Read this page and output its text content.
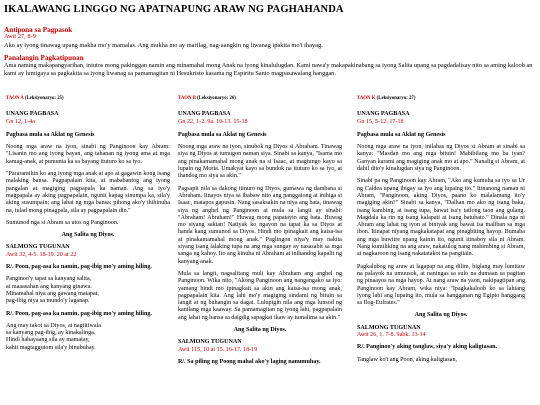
IKALAWANG LINGGO NG APATNAPUNG ARAW NG PAGHAHANDA
Antipona sa Pagpasok
Awit 27, 8-9
Ako ay iyong tinawag upang makha mo'y mamalas. Ang mukha mo ay marilag, nag-aangkin ng liwanag ipakita mo't ihayag.
Panalangin Pagkatipunan
Ama naming makapangyarihan, iniutos mong pakinggan namin ang minamahal mong Anak na iyong kinalulugdan. Kami nawa'y makapakinabang sa iyong Salita upang sa pagdadalisay nito sa aming kaloob an kami ay lumigaya sa pagkakita sa iyong liwanag sa pamamagitan ni Hesukristo kasama ng Espiritu Santo magpasawalang hanggan.
TAON A (Leksiyonaryo: 25)
UNANG PAGBASA
Gn 12, 1-4a
Pagbasa mula sa Aklat ng Genesis
Noong mga araw na iyon, sinabi ng Panginoon kay Abram: "Lisanin mo ang iyong bayan, ang tahanan ng iyong ama at mga kamag-anak, at pumunta ka sa bayang ituturo ko sa iyo.
"Pararamihin ko ang iyong mga anak at apo at gagawin kong isang malaking bansa. Pagpapalain kita, at mababantog ang iyong pangalan at magiging pagpapala ka naman. Ang sa iyo'y magpapala ay aking pagpapalain, ngunit kapag sinumpa ka, sila'y aking susumpain; ang lahat ng mga bansa: pihong ako'y ihihinuha na, tulad mong pinagpala, sila ay pagpapalain din."
Sumunod nga si Abram sa utos ng Panginoon.
Ang Salita ng Diyos.
SALMONG TUGUNAN
Awit 32, 4-5. 18-19. 20 at 22
R/. Poon, pag-asa ka namin, pag-ibig mo'y aming hiling.
Panginoo'y tapat sa kanyang salita,
at maaasahan ang kanyang ginawa.
Minamahal niya ang gawang matapat,
pag-ibig niya sa mundo'y laganap.
R/. Poon, pag-asa ka namin, pag-ibig mo'y aming hiling.
Ang may takot sa Diyos, at nagtitiwala
sa kanyang pag-ibig, ay kinakalinga.
Hindi hahayaang sila ay mamatay,
kahit magtaggutom sila'y binubuhay.
TAON B (Leksiyonaryo: 26)
UNANG PAGBASA
Gn 22, 1-2. 9a. 10-13. 15-18
Pagbasa mula sa Aklat ng Genesis
Noong mga araw na iyon, sinubok ng Diyos si Abraham. Tinawag siya ng Diyos at tumugon naman siya. Sinabi sa kanya, "Isama mo ang pinakamamahal mong anak na si Isaac, at magtungo kayo sa lupain ng Moria. Umakyat kayo sa bundok na ituturo ko sa iyo, at ihandog mo siya sa akin."
Pagsapit nila sa dakong itinuro ng Diyos, gumawa ng dambana si Abraham. Iinayos niya sa ibabaw nito ang panggatong at inihiga si Isaac, matapos gapusin. Nang sasaksakin na niya ang bata, tinawag siya ng anghel ng Panginoon at mula sa langit ay sinabi: "Abraham! Abraham!" Huwag mong papatayin ang bata. Huwag mo siyang saktan! Natiyak ko ngayon na tapat ka sa Diyos at handa kang sumunod sa Diyos. Hindi mo ipinagkait ang kaisa-isa at pinakamamahal mong anak." Paglingon niya'y may nakita siyang isang lalaking tupa na ang mga sungay ay nasasabit sa mga sanga ng kahoy. Ito ang kinuha ni Abraham at inihandog kapalit ng kanyang anak.
Mula sa langit, nagsalitang muli kay Abraham ang anghel ng Panginoon. Wika nito, "Akong Panginoon ang nangangako sa iyo: yamang hindi mo ipinagkait sa akin ang kaisa-isa mong anak, pagpapalain kita. Ang lahi mo'y magiging sindami ng bituin sa langit at ng buhangin sa dagat. Lulupigin nila ang mga lunsod ng kanilang mga kaaway. Sa pamamagitan ng iyong lahi, pagpapalain ang lahat ng bansa sa daigdig sapagkat ikaw ay tumalima sa akin."
Ang Salita ng Diyos.
SALMONG TUGUNAN
Awit 115, 10 at 15. 16-17. 18-19
R/. Sa piling ng Poong mahal ako'y laging nanumuhay.
TAON K (Leksiyonaryo: 27)
UNANG PAGBASA
Gn 15, 5-12. 17-18
Pagbasa mula sa Aklat ng Genesis
Noong mga araw na iyon, inilabas ng Diyos si Abram at sinabi sa kanya: "Masdan mo ang mga bituin! Mabibilang mo ba iyan? Ganyan karami ang magiging anak mo at apo." Nanalig si Abram, at dahil dito'y kinalugdan siya ng Panginoon.
Sinabi pa ng Panginoon kay Abram, "Ako ang kumuha sa iyo sa Ur ng Caldea upang ibigay sa iyo ang lupaing ito." Itinanong naman ni Abram, "Panginoon, aking Diyos, paano ko malalamang ito'y magiging akin?" Sinabi sa kanya, "Dalhan mo ako ng isang baka, isang kambing, at isang tupa, bawat isa'y tatlong taon ang gulang. Magdala ka rin ng isang kalapati at isang batubato." Dinala nga ni Abram ang lahat ng iyon at biniyak ang bawat isa maliban sa mga ibon. Itinapat niyang magkakatapat ang pinagbiting hayop. Bumaba ang mga buwitre upang kainin ito, ngunit itinaboy sila ni Abram. Nang kumiliking na ang araw, nakatulog nang mahimbing si Abram, at nagkaroon ng isang nakatatakot na pangitain.
Pagkalubog ng araw at lagapap na ang dilim, biglang may lumitaw na palayok na umuusok, at naningas sa sulo na dumaan sa pagitan ng pinaayos na mga hayop. At nang araw na yaon, nakipagtipan ang Panginoon kay Abram, wika niya: "Ipagkakaloob ko sa lahiang iyong lahi ang lupaing ito, mula sa hangganan ng Egipto hanggang sa Ilog-Eufrates."
Ang Salita ng Diyos.
SALMONG TUGUNAN
Awit 26, 1. 7-8. 9abk. 13-14
R/. Panginoo'y aking tanglaw, siya'y aking kaligtasan.
Tanglaw ko't ang Poon, aking kaligtasan,
